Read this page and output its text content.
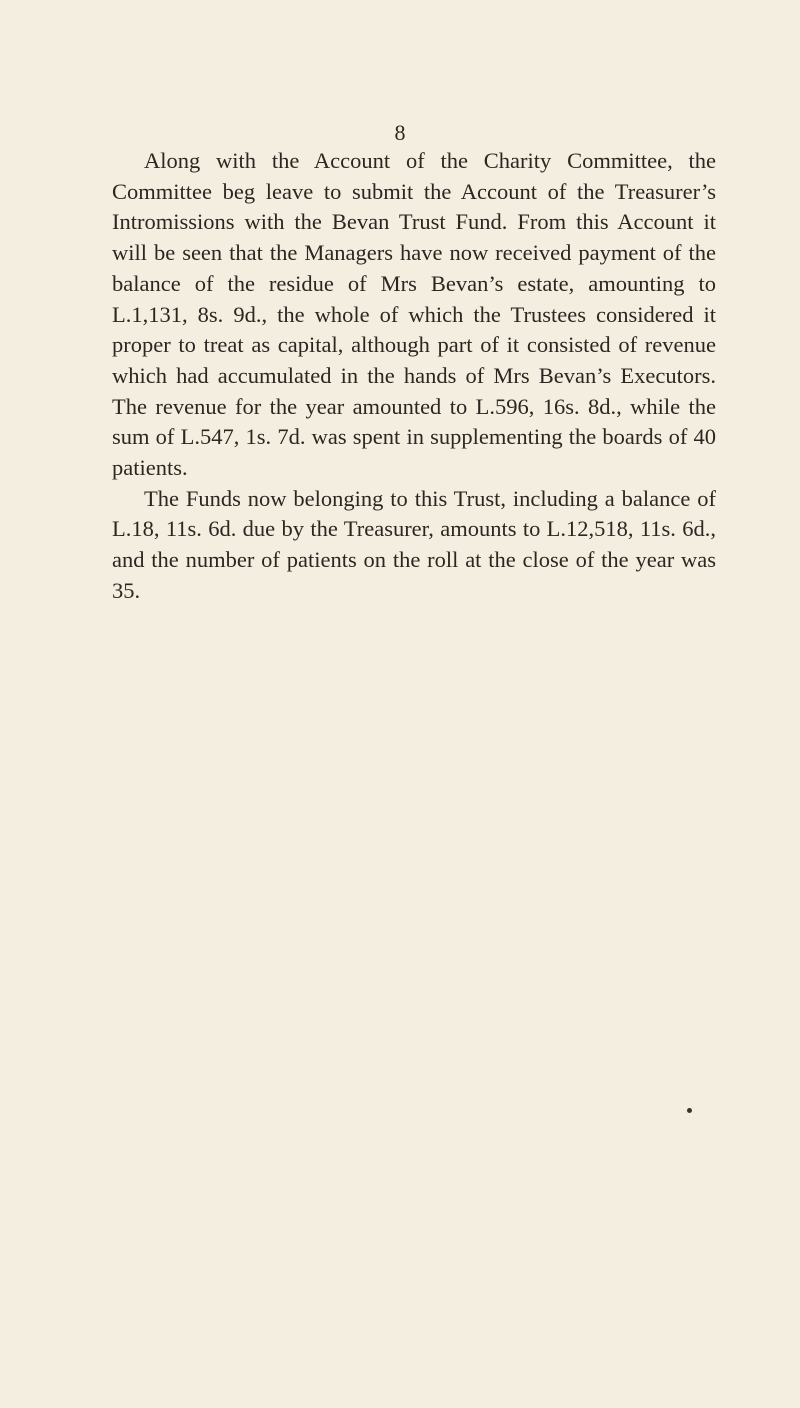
8

Along with the Account of the Charity Committee, the Committee beg leave to submit the Account of the Treasurer’s Intromissions with the Bevan Trust Fund. From this Account it will be seen that the Managers have now received payment of the balance of the residue of Mrs Bevan’s estate, amounting to L.1,131, 8s. 9d., the whole of which the Trustees considered it proper to treat as capital, although part of it consisted of revenue which had accumulated in the hands of Mrs Bevan’s Executors. The revenue for the year amounted to L.596, 16s. 8d., while the sum of L.547, 1s. 7d. was spent in supplementing the boards of 40 patients.

The Funds now belonging to this Trust, including a balance of L.18, 11s. 6d. due by the Treasurer, amounts to L.12,518, 11s. 6d., and the number of patients on the roll at the close of the year was 35.
